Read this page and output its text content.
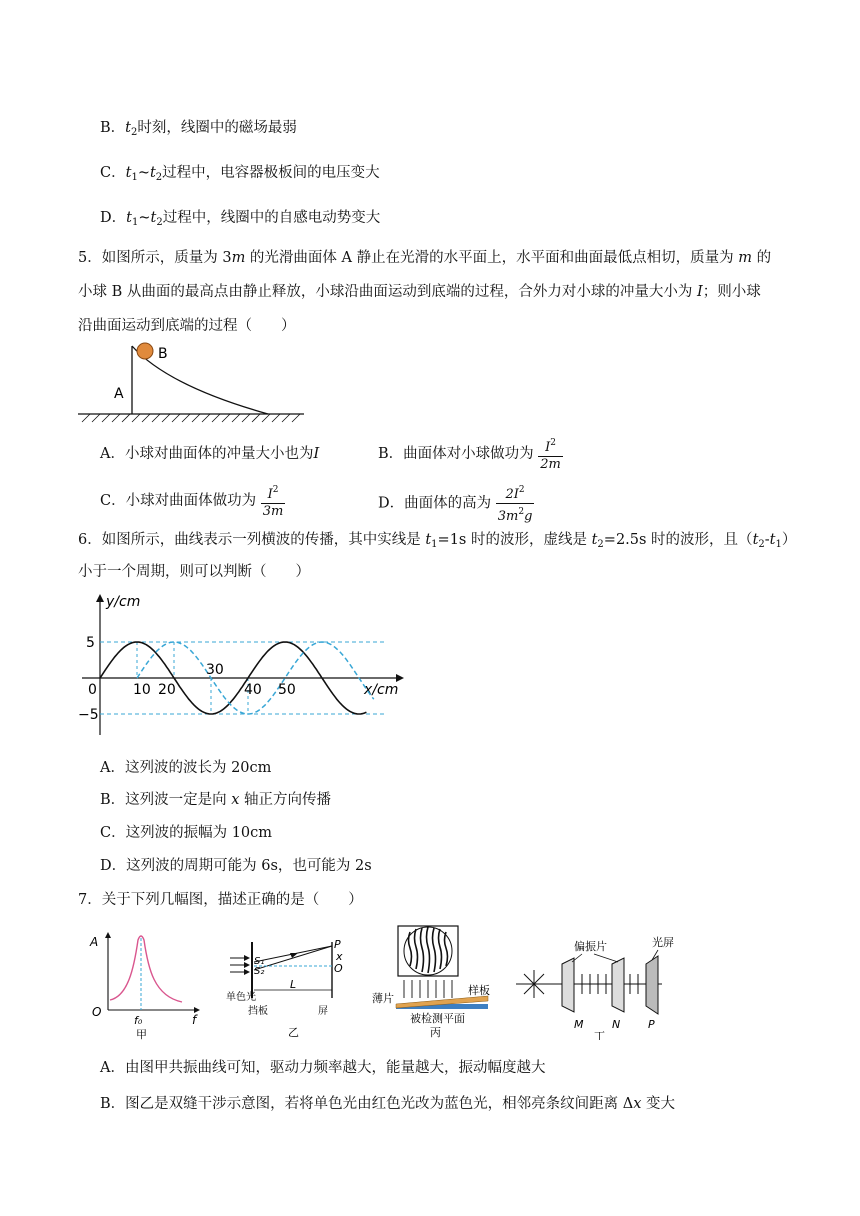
B．$t_2$时刻，线圈中的磁场最弱
C．$t_1\sim t_2$过程中，电容器极板间的电压变大
D．$t_1\sim t_2$过程中，线圈中的自感电动势变大
5．如图所示，质量为 3m 的光滑曲面体 A 静止在光滑的水平面上，水平面和曲面最低点相切，质量为 m 的
小球 B 从曲面的最高点由静止释放，小球沿曲面运动到底端的过程，合外力对小球的冲量大小为 I；则小球
沿曲面运动到底端的过程（　　）
B
A
A．小球对曲面体的冲量大小也为I	B．曲面体对小球做功为 $\frac{I^2}{2m}$
C．小球对曲面体做功为 $\frac{I^2}{3m}$	D．曲面体的高为 $\frac{2I^2}{3m^2g}$
6．如图所示，曲线表示一列横波的传播，其中实线是 $t_1=1s$ 时的波形，虚线是 $t_2=2.5s$ 时的波形，且$(t_2-t_1)$
小于一个周期，则可以判断（　　）
y/cm
x/cm
5
−5
0	10 20
30
40 50
A．这列波的波长为 20cm
B．这列波一定是向 x 轴正方向传播
C．这列波的振幅为 10cm
D．这列波的周期可能为 6s，也可能为 2s
7．关于下列几幅图，描述正确的是（　　）
A
O
f
f₀
甲
S₁
S₂
P
x
O
L
单色光
挡板	屏
乙
薄片
样板
被检测平面
丙
偏振片	光屏
M	N	P
丁
A．由图甲共振曲线可知，驱动力频率越大，能量越大，振动幅度越大
B．图乙是双缝干涉示意图，若将单色光由红色光改为蓝色光，相邻亮条纹间距离 Δx 变大
